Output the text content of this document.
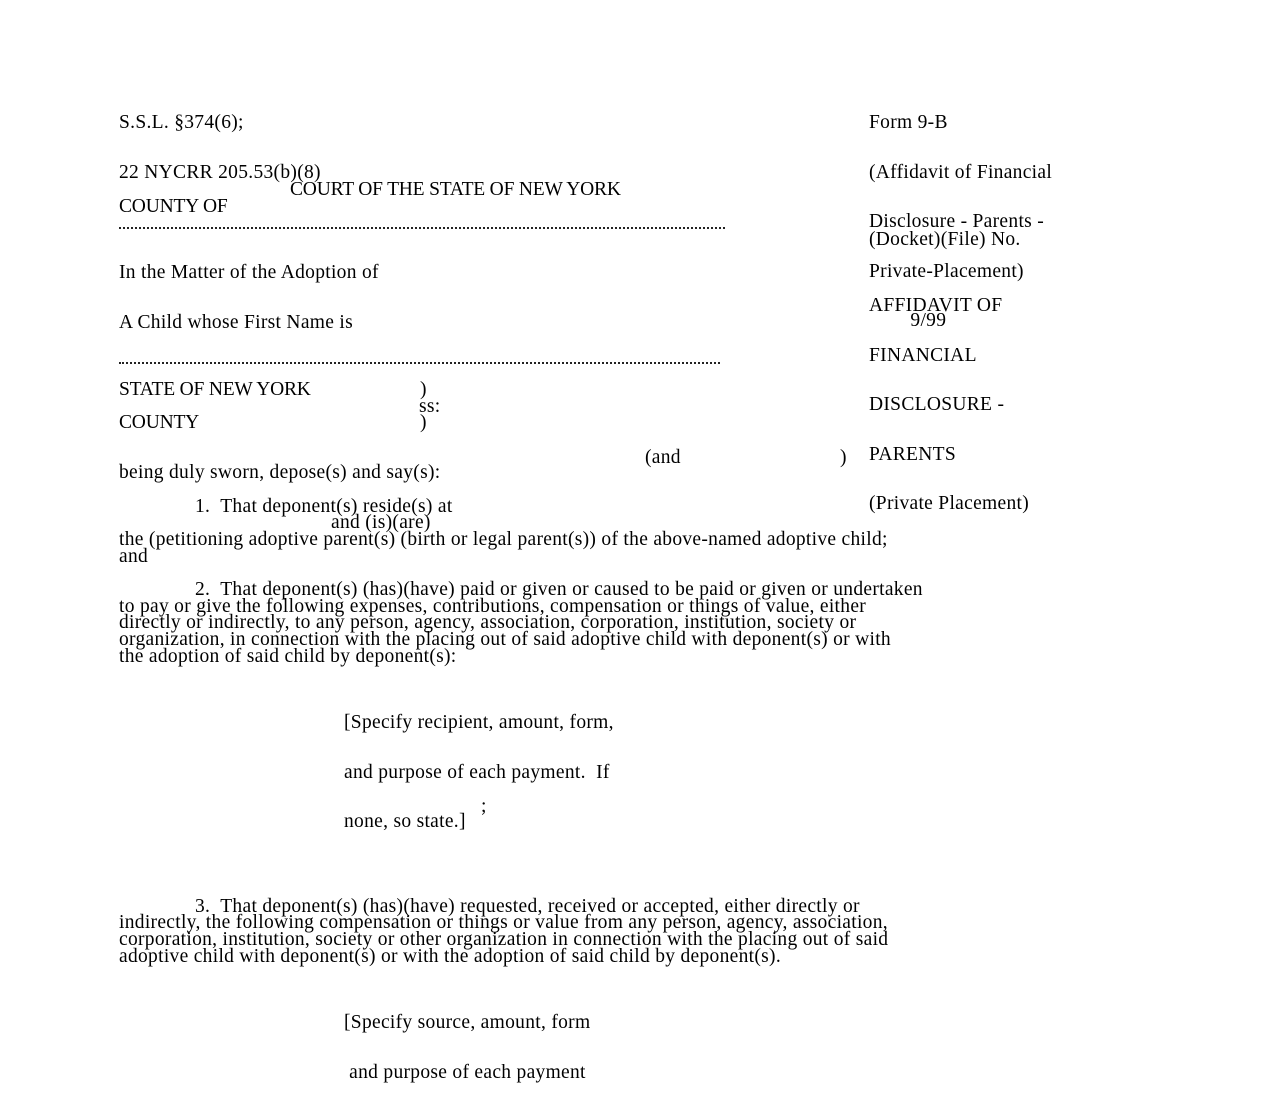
S.S.L. §374(6);

22 NYCRR 205.53(b)(8)

Form 9-B

(Affidavit of Financial

Disclosure - Parents -

Private-Placement)

9/99

COURT OF THE STATE OF NEW YORK
COUNTY OF

In the Matter of the Adoption of

A Child whose First Name is

(Docket)(File) No.

AFFIDAVIT OF

FINANCIAL

DISCLOSURE -

PARENTS

(Private Placement)

STATE OF NEW YORK
COUNTY
)
ss:
)
(and	)
being duly sworn, depose(s) and say(s):
1.  That deponent(s) reside(s) at
and (is)(are)
the (petitioning adoptive parent(s) (birth or legal parent(s)) of the above-named adoptive child;
and
2.  That deponent(s) (has)(have) paid or given or caused to be paid or given or undertaken
to pay or give the following expenses, contributions, compensation or things of value, either
directly or indirectly, to any person, agency, association, corporation, institution, society or
organization, in connection with the placing out of said adoptive child with deponent(s) or with
the adoption of said child by deponent(s):

[Specify recipient, amount, form,

and purpose of each payment.  If

none, so state.]

;
3.  That deponent(s) (has)(have) requested, received or accepted, either directly or
indirectly, the following compensation or things or value from any person, agency, association,
corporation, institution, society or other organization in connection with the placing out of said
adoptive child with deponent(s) or with the adoption of said child by deponent(s).

[Specify source, amount, form

and purpose of each payment
